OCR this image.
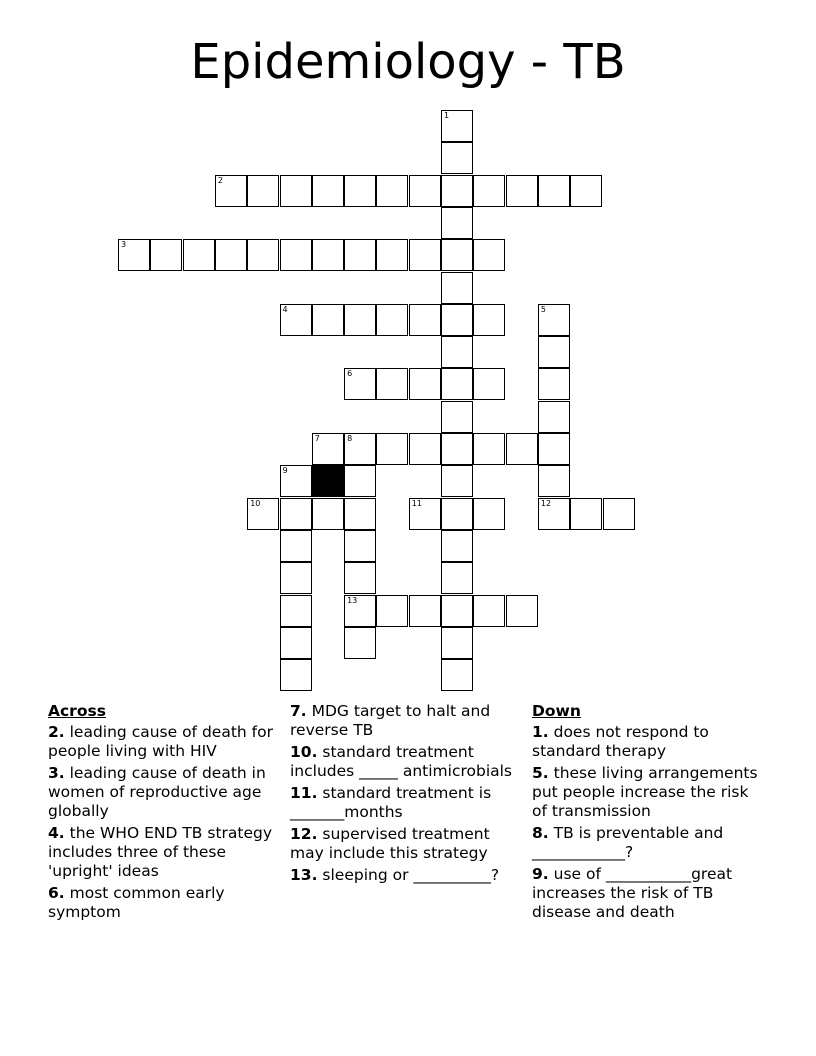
Epidemiology - TB
1
2
3
4	5
6
7	8
13
9
10	11	12
Across
2. leading cause of death for people living with HIV
3. leading cause of death in women of reproductive age globally
4. the WHO END TB strategy includes three of these 'upright' ideas
6. most common early symptom
7. MDG target to halt and reverse TB
10. standard treatment includes _____ antimicrobials
11. standard treatment is _______months
12. supervised treatment may include this strategy
13. sleeping or __________?
Down
1. does not respond to standard therapy
5. these living arrangements put people increase the risk of transmission
8. TB is preventable and ____________?
9. use of ___________great increases the risk of TB disease and death
